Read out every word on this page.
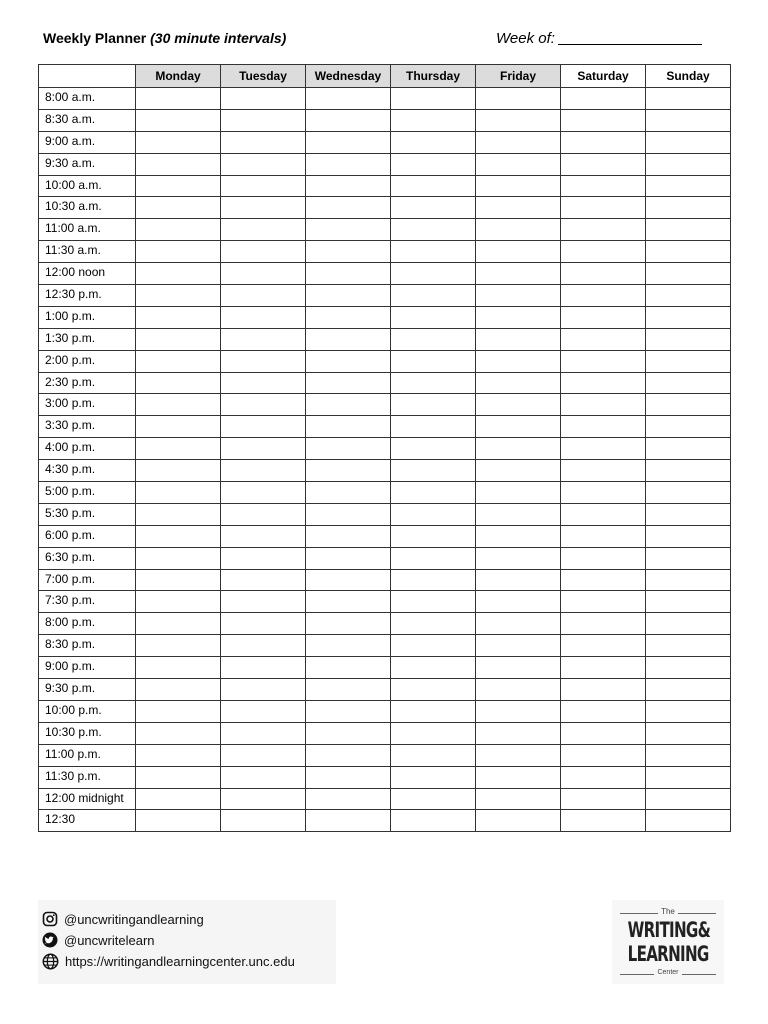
Weekly Planner (30 minute intervals)	Week of:
	Monday	Tuesday	Wednesday	Thursday	Friday	Saturday	Sunday
8:00 a.m.							
8:30 a.m.							
9:00 a.m.							
9:30 a.m.							
10:00 a.m.							
10:30 a.m.							
11:00 a.m.							
11:30 a.m.							
12:00 noon							
12:30 p.m.							
1:00 p.m.							
1:30 p.m.							
2:00 p.m.							
2:30 p.m.							
3:00 p.m.							
3:30 p.m.							
4:00 p.m.							
4:30 p.m.							
5:00 p.m.							
5:30 p.m.							
6:00 p.m.							
6:30 p.m.							
7:00 p.m.							
7:30 p.m.							
8:00 p.m.							
8:30 p.m.							
9:00 p.m.							
9:30 p.m.							
10:00 p.m.							
10:30 p.m.							
11:00 p.m.							
11:30 p.m.							
12:00 midnight							
12:30							
@uncwritingandlearning
@uncwritelearn
https://writingandlearningcenter.unc.edu
The
WRITING&
LEARNING
Center
